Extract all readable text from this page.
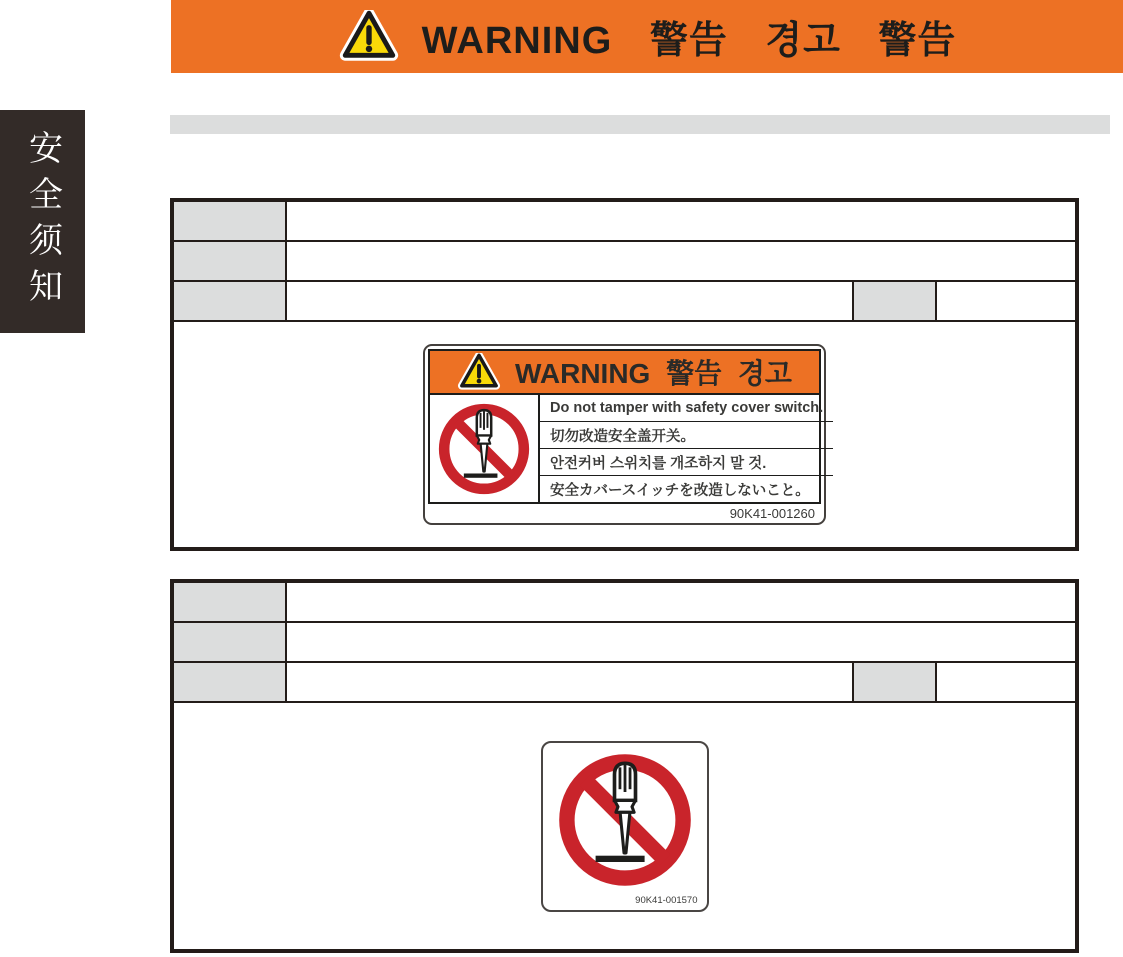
WARNING 警告 경고 警告
安全须知
WARNING 警告 경고
Do not tamper with safety cover switch.
切勿改造安全盖开关。
안전커버 스위치를 개조하지 말 것.
安全カバースイッチを改造しないこと。
90K41-001260
90K41-001570
